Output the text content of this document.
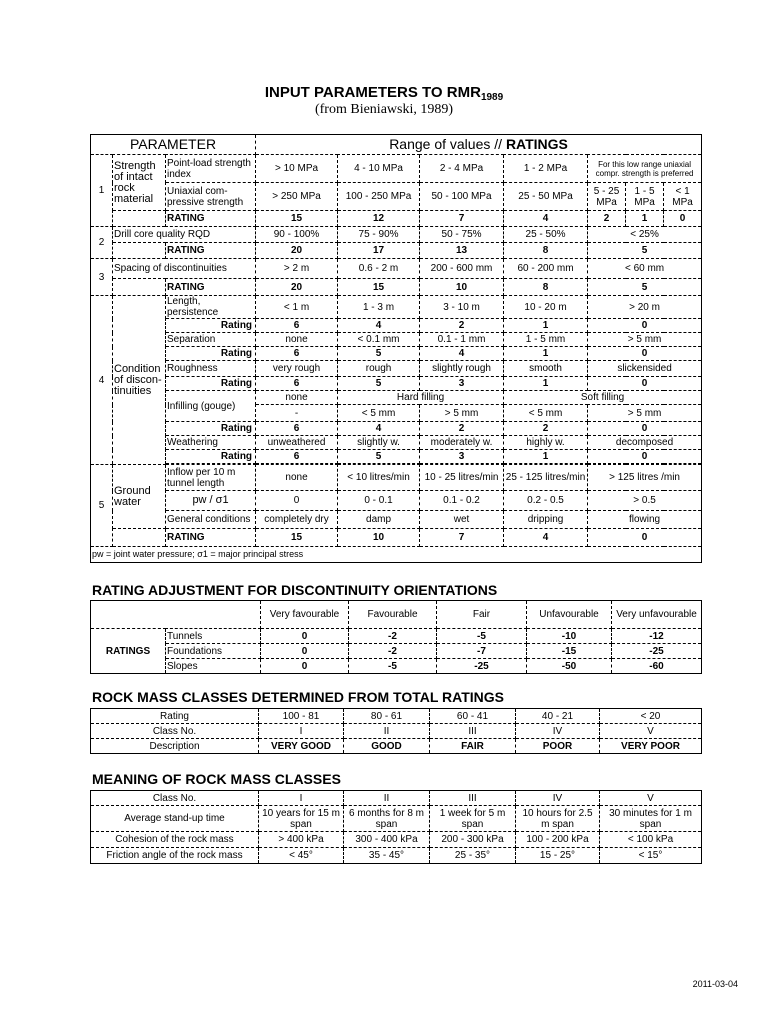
INPUT PARAMETERS TO $RMR_{1989}$
(from Bieniawski, 1989)
PARAMETER			Range of values // RATINGS						
1	Strength of intact rock material	Point-load strength index	> 10 MPa	4 - 10 MPa	2 - 4 MPa	1 - 2 MPa	For this low range uniaxial compr. strength is preferred		
		Uniaxial com- pressive strength	> 250 MPa	100 - 250 MPa	50 - 100 MPa	25 - 50 MPa	5 - 25 MPa	1 - 5 MPa	< 1 MPa
		RATING	15	12	7	4	2	1	0
2	Drill core quality RQD		90 - 100%	75 - 90%	50 - 75%	25 - 50%	< 25%		
		RATING	20	17	13	8	5		
3	Spacing of discontinuities		> 2 m	0.6 - 2 m	200 - 600 mm	60 - 200 mm	< 60 mm		
		RATING	20	15	10	8	5		
4	Condition of discon- tinuities	Length, persistence	< 1 m	1 - 3 m	3 - 10 m	10 - 20 m	> 20 m		
		Rating	6	4	2	1	0		
		Separation	none	< 0.1 mm	0.1 - 1 mm	1 - 5 mm	> 5 mm		
		Rating	6	5	4	1	0		
		Roughness	very rough	rough	slightly rough	smooth	slickensided		
		Rating	6	5	3	1	0		
		Infilling (gouge)	none	Hard filling		Soft filling			
			-	< 5 mm	> 5 mm	< 5 mm	> 5 mm		
		Rating	6	4	2	2	0		
		Weathering	unweathered	slightly w.	moderately w.	highly w.	decomposed		
		Rating	6	5	3	1	0		

5	Ground water	Inflow per 10 m tunnel length	none	< 10 litres/min	10 - 25 litres/min	25 - 125 litres/min	> 125 litres /min		
		pw / σ1	0	0 - 0.1	0.1 - 0.2	0.2 - 0.5	> 0.5		
		General conditions	completely dry	damp	wet	dripping	flowing		
		RATING	15	10	7	4	0		
pw = joint water pressure; σ1 = major principal stress									
RATING ADJUSTMENT FOR DISCONTINUITY ORIENTATIONS
		Very favourable	Favourable	Fair	Unfavourable	Very unfavourable
RATINGS	Tunnels	0	-2	-5	-10	-12
	Foundations	0	-2	-7	-15	-25
	Slopes	0	-5	-25	-50	-60
ROCK MASS CLASSES DETERMINED FROM TOTAL RATINGS
Rating	100 - 81	80 - 61	60 - 41	40 - 21	< 20
Class No.	I	II	III	IV	V
Description	VERY GOOD	GOOD	FAIR	POOR	VERY POOR
MEANING OF ROCK MASS CLASSES
Class No.	I	II	III	IV	V
Average stand-up time	10 years for 15 m span	6 months for 8 m span	1 week for 5 m span	10 hours for 2.5 m span	30 minutes for 1 m span
Cohesion of the rock mass	> 400 kPa	300 - 400 kPa	200 - 300 kPa	100 - 200 kPa	< 100 kPa
Friction angle of the rock mass	< 45°	35 - 45°	25 - 35°	15 - 25°	< 15°
2011-03-04
